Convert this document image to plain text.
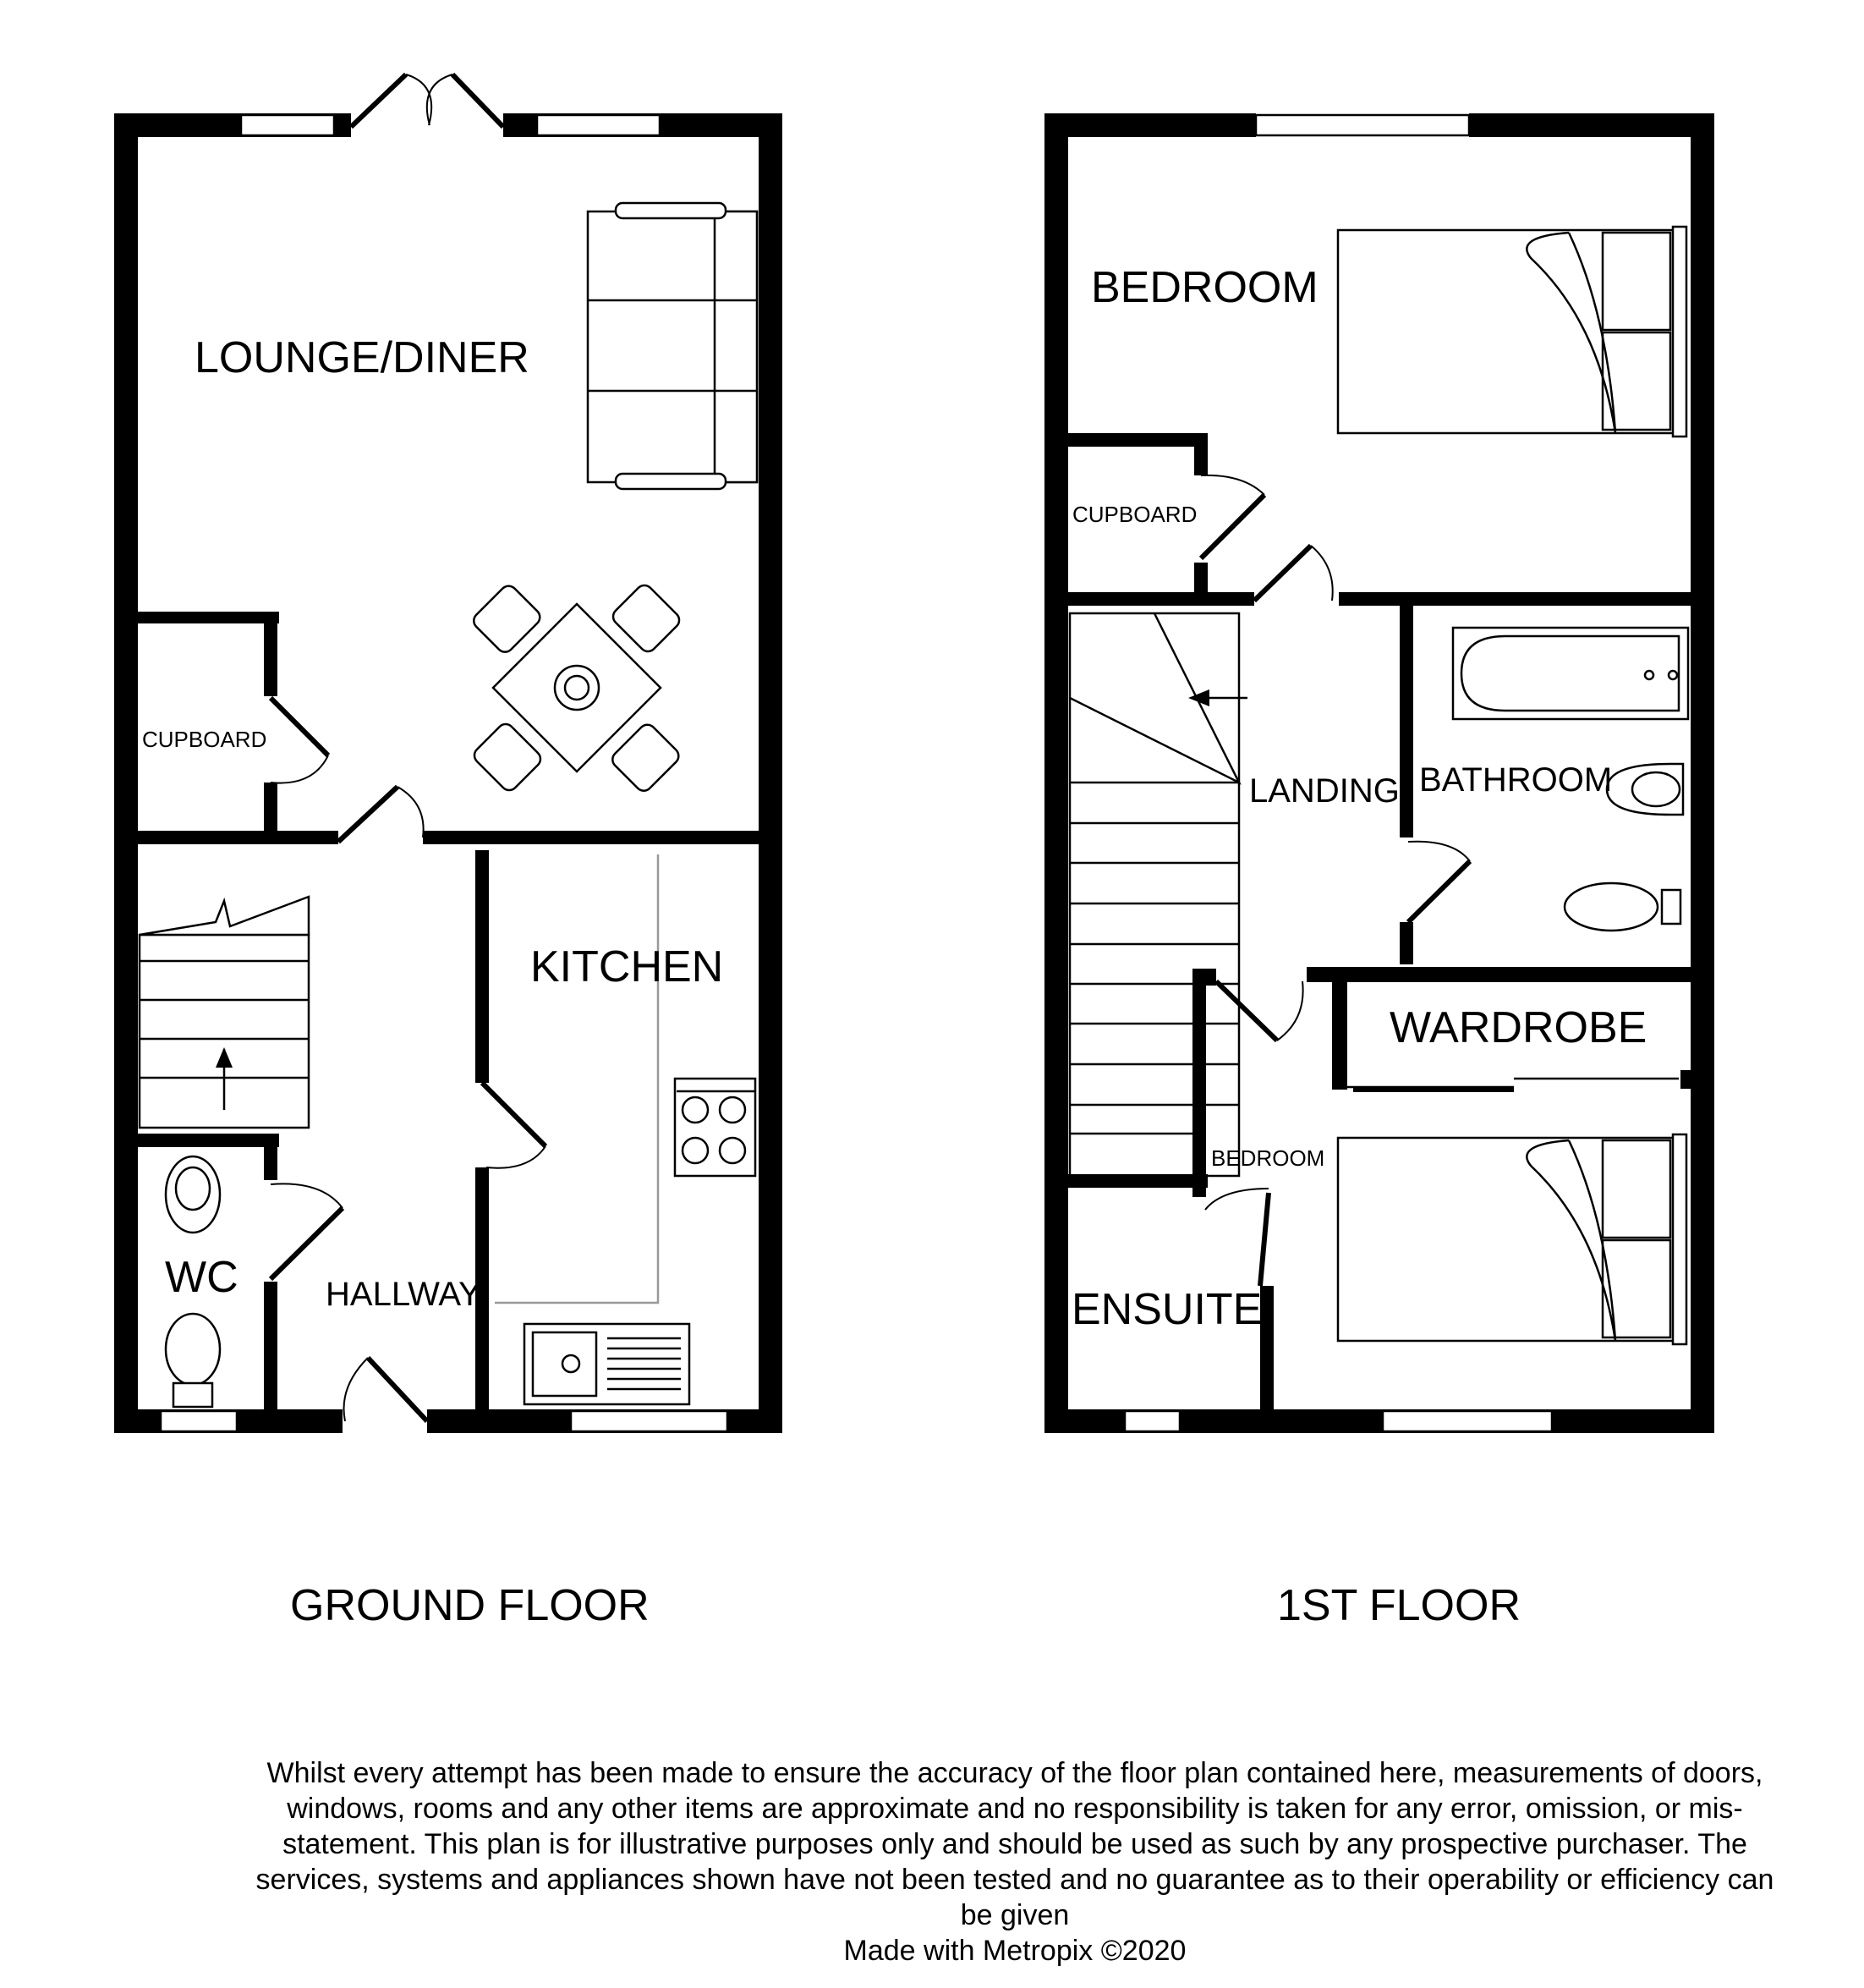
LOUNGE/DINER
CUPBOARD
KITCHEN
WC	HALLWAY
BEDROOM
CUPBOARD
LANDING BATHROOM
WARDROBE
BEDROOM
ENSUITE
GROUND FLOOR	1ST FLOOR
Whilst every attempt has been made to ensure the accuracy of the floor plan contained here, measurements of doors, windows, rooms and any other items are approximate and no responsibility is taken for any error, omission, or mis-statement. This plan is for illustrative purposes only and should be used as such by any prospective purchaser. The services, systems and appliances shown have not been tested and no guarantee as to their operability or efficiency can be given
Made with Metropix ©2020
